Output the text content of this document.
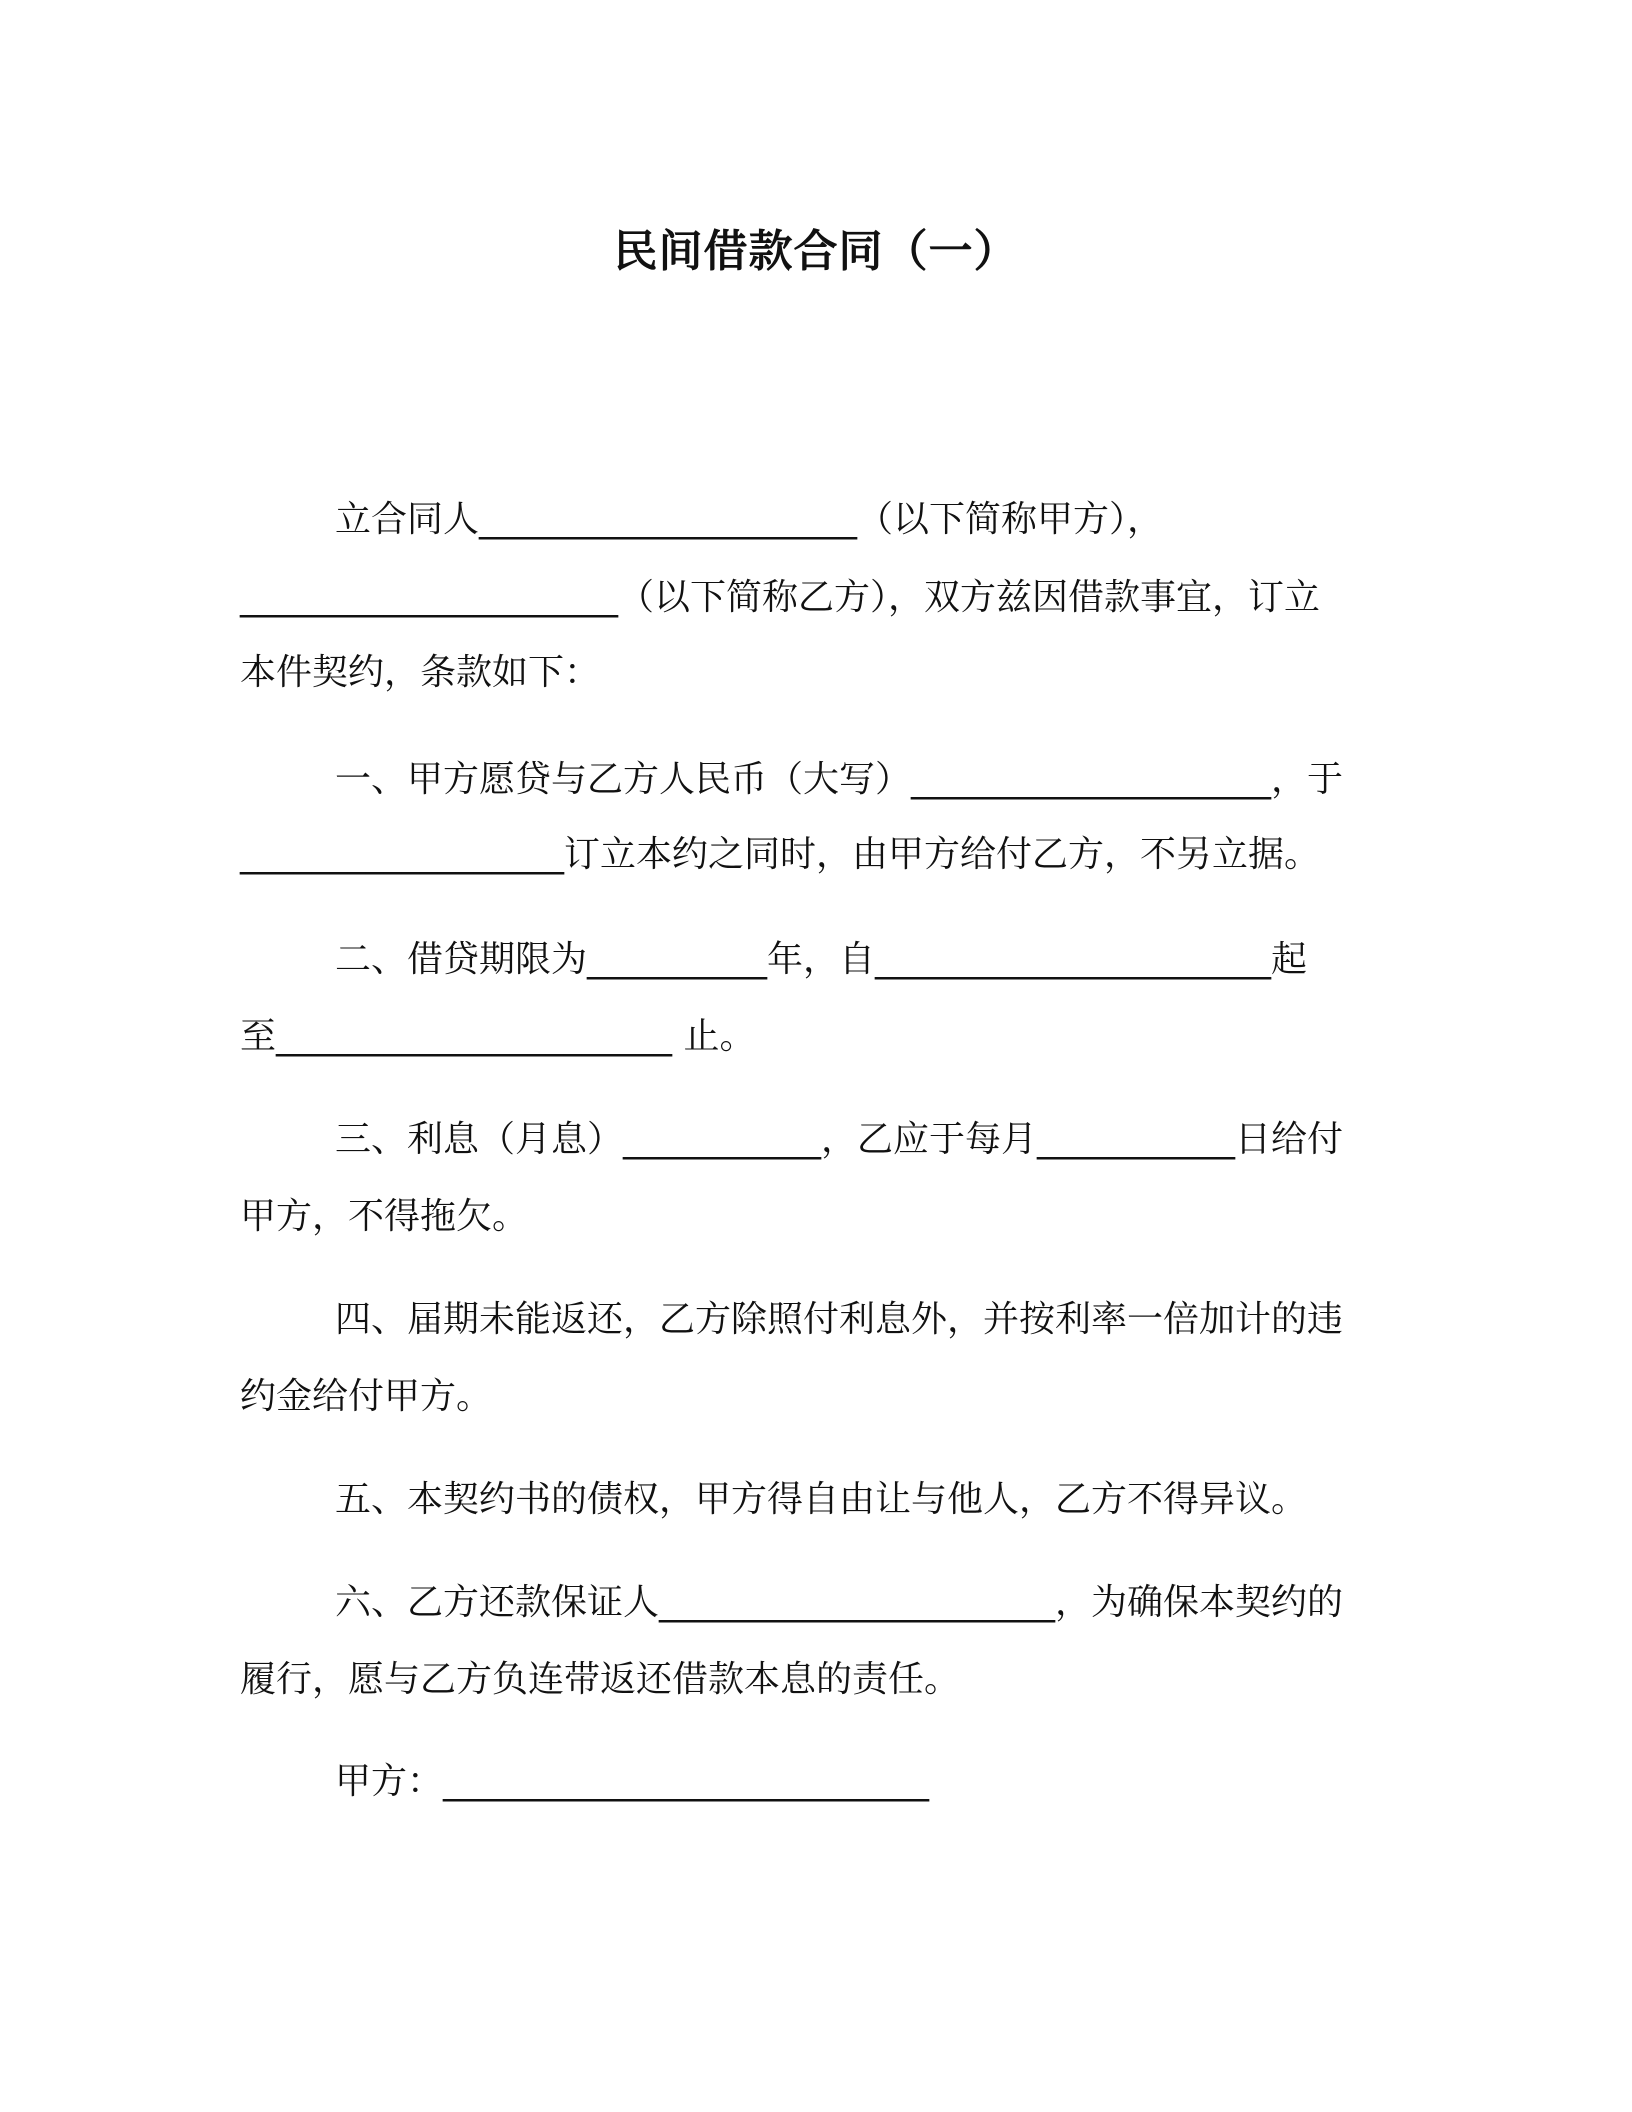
民间借款合同（一）
立合同人_____________________（以下简称甲方），
_____________________（以下简称乙方），双方兹因借款事宜，订立
本件契约，条款如下：
一、甲方愿贷与乙方人民币（大写）____________________，于
__________________订立本约之同时，由甲方给付乙方，不另立据。
二、借贷期限为__________年，自______________________起
至______________________ 止。
三、利息（月息）___________，乙应于每月___________日给付
甲方，不得拖欠。
四、届期未能返还，乙方除照付利息外，并按利率一倍加计的违
约金给付甲方。
五、本契约书的债权，甲方得自由让与他人，乙方不得异议。
六、乙方还款保证人______________________，为确保本契约的
履行，愿与乙方负连带返还借款本息的责任。
甲方：___________________________
